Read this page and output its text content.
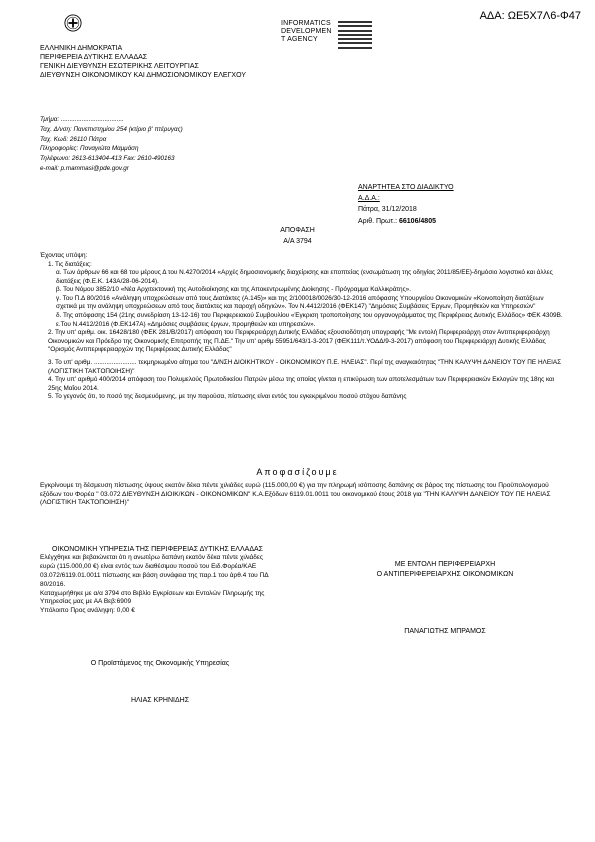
ΑΔΑ: ΩΕ5Χ7Λ6-Φ47
ΕΛΛΗΝΙΚΗ ΔΗΜΟΚΡΑΤΙΑ
ΠΕΡΙΦΕΡΕΙΑ ΔΥΤΙΚΗΣ ΕΛΛΑΔΑΣ
ΓΕΝΙΚΗ ΔΙΕΥΘΥΝΣΗ ΕΣΩΤΕΡΙΚΗΣ ΛΕΙΤΟΥΡΓΙΑΣ
ΔΙΕΥΘΥΝΣΗ ΟΙΚΟΝΟΜΙΚΟΥ ΚΑΙ ΔΗΜΟΣΙΟΝΟΜΙΚΟΥ ΕΛΕΓΧΟΥ
INFORMATICS
DEVELOPMEN
T AGENCY
Τμήμα: ....................................
Ταχ. Δ/νση: Πανεπιστημίου 254 (κτίριο β' πτέρυγας)
Ταχ. Κωδ: 26110 Πάτρα
Πληροφορίες: Παναγιώτα Μαμμάση
Τηλέφωνο: 2613-613404-413 Fax: 2610-490163
e-mail: p.mammasi@pde.gov.gr
ΑΝΑΡΤΗΤΕΑ ΣΤΟ ΔΙΑΔΙΚΤΥΟ
Α.Δ.Α.:
Πάτρα, 31/12/2018
Αριθ. Πρωτ.: 66106/4805
ΑΠΟΦΑΣΗ
Α/Α 3794

Έχοντας υπόψη:

1. Τις διατάξεις:

α. Των άρθρων 66 και 68 του μέρους Δ του Ν.4270/2014 «Αρχές δημοσιονομικής διαχείρισης και εποπτείας (ενσωμάτωση της οδηγίας 2011/85/ΕΕ)-δημόσιο λογιστικό και άλλες διατάξεις (Φ.Ε.Κ. 143Α/28-06-2014).

β. Του Νόμου 3852/10 «Νέα Αρχιτεκτονική της Αυτοδιοίκησης και της Αποκεντρωμένης Διοίκησης - Πρόγραμμα Καλλικράτης».

γ. Του Π.Δ 80/2016 «Ανάληψη υποχρεώσεων από τους Διατάκτες (Α.145)» και της 2/100018/0026/30-12-2016 απόφασης Υπουργείου Οικονομικών «Κοινοποίηση διατάξεων σχετικά με την ανάληψη υποχρεώσεων από τους διατάκτες και παροχή οδηγιών». Τον Ν.4412/2016 (ΦΕΚ147) "Δημόσιες Συμβάσεις Έργων, Προμηθειών και Υπηρεσιών"

δ. Της απόφασης 154 (21ης συνεδρίαση 13-12-16) του Περιφερειακού Συμβουλίου «Έγκριση τροποποίησης του οργανογράμματος της Περιφέρειας Δυτικής Ελλάδος» ΦΕΚ 4309Β.

ε.Του Ν.4412/2016 (Φ.ΕΚ147Α) «Δημόσιες συμβάσεις έργων, προμηθειών και υπηρεσιών».

2. Την υπ' αριθμ. οικ. 16428/180 (ΦΕΚ 281/Β/2017) απόφαση του Περιφερειάρχη Δυτικής Ελλάδας εξουσιοδότηση υπογραφής "Με εντολή Περιφερειάρχη στον Αντιπεριφερειάρχη Οικονομικών και Πρόεδρο της Οικονομικής Επιτροπής της Π.ΔΕ." Την υπ' αριθμ 55951/643/1-3-2017 (ΦΕΚ111/τ.ΥΟΔΔ/9-3-2017) απόφαση του Περιφερειάρχη Δυτικής Ελλάδας "Ορισμός Αντιπεριφερειαρχών της Περιφέρειας Δυτικής Ελλάδας"

3. Το υπ' αριθμ. ........................ τεκμηριωμένο αίτημα του "Δ/ΝΣΗ ΔΙΟΙΚΗΤΙΚΟΥ - ΟΙΚΟΝΟΜΙΚΟΥ Π.Ε. ΗΛΕΙΑΣ". Περί της αναγκαιότητας "ΤΗΝ ΚΑΛΥΨΗ ΔΑΝΕΙΟΥ ΤΟΥ ΠΕ ΗΛΕΙΑΣ (ΛΟΓΙΣΤΙΚΗ ΤΑΚΤΟΠΟΙΗΣΗ)"

4. Την υπ' αριθμό 400/2014 απόφαση του Πολυμελούς Πρωτοδικείου Πατρών μέσω της οποίας γίνεται η επικύρωση των αποτελεσμάτων των Περιφερειακών Εκλογών της 18ης και 25ης Μαΐου 2014.

5. Το γεγονός ότι, το ποσό της δεσμευόμενης, με την παρούσα, πίστωσης είναι εντός του εγκεκριμένου ποσού στόχου δαπάνης

Αποφασίζουμε
Εγκρίνουμε τη δέσμευση πίστωσης ύψους εκατόν δέκα πέντε χιλιάδες ευρώ (115.000,00 €) για την πληρωμή ισόποσης δαπάνης σε βάρος της πίστωσης του Προϋπολογισμού εξόδων του Φορέα " 03.072 ΔΙΕΥΘΥΝΣΗ ΔΙΟΙΚ/ΚΩΝ - ΟΙΚΟΝΟΜΙΚΩΝ" Κ.Α.Εξόδων 6119.01.0011 του οικονομικού έτους 2018 για "ΤΗΝ ΚΑΛΥΨΗ ΔΑΝΕΙΟΥ ΤΟΥ ΠΕ ΗΛΕΙΑΣ (ΛΟΓΙΣΤΙΚΗ ΤΑΚΤΟΠΟΙΗΣΗ)"
ΟΙΚΟΝΟΜΙΚΗ ΥΠΗΡΕΣΙΑ ΤΗΣ ΠΕΡΙΦΕΡΕΙΑΣ ΔΥΤΙΚΗΣ ΕΛΛΑΔΑΣ
Ελέγχθηκε και βεβαιώνεται ότι η ανωτέρω δαπάνη εκατόν δέκα πέντε χιλιάδες ευρώ (115.000,00 €) είναι εντός των διαθέσιμου ποσού του Ειδ.Φορέα/ΚΑΕ 03.072/6119.01.0011 πίστωσης και βάση συνάφεια της παρ.1 του άρθ.4 του ΠΔ 80/2016.
Καταχωρήθηκε με α/α 3794 στο Βιβλίο Εγκρίσεων και Εντολών Πληρωμής της Υπηρεσίας μας με ΑΑ Βεβ:6909
Υπόλοιπο Προς ανάληψη: 0,00 €
ΜΕ ΕΝΤΟΛΗ ΠΕΡΙΦΕΡΕΙΑΡΧΗ
Ο ΑΝΤΙΠΕΡΙΦΕΡΕΙΑΡΧΗΣ ΟΙΚΟΝΟΜΙΚΩΝ
ΠΑΝΑΓΙΩΤΗΣ ΜΠΡΑΜΟΣ
Ο Προϊστάμενος της Οικονομικής Υπηρεσίας
ΗΛΙΑΣ ΚΡΗΝΙΔΗΣ
